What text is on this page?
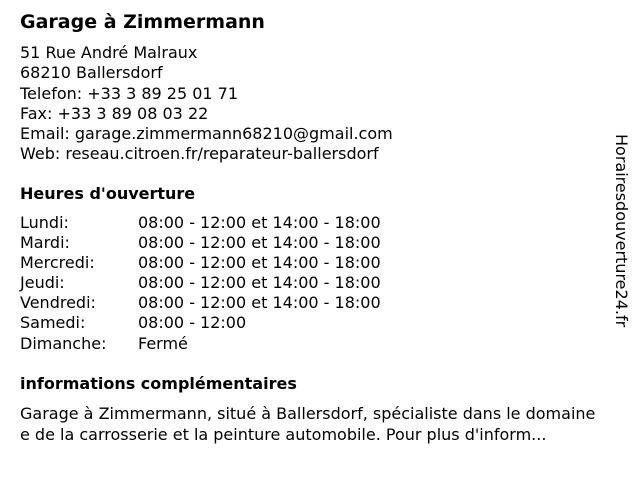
Garage à Zimmermann
51 Rue André Malraux
68210 Ballersdorf
Telefon: +33 3 89 25 01 71
Fax: +33 3 89 08 03 22
Email: garage.zimmermann68210@gmail.com
Web: reseau.citroen.fr/reparateur-ballersdorf
Heures d'ouverture
Lundi:	08:00 - 12:00 et 14:00 - 18:00
Mardi:	08:00 - 12:00 et 14:00 - 18:00
Mercredi:	08:00 - 12:00 et 14:00 - 18:00
Jeudi:	08:00 - 12:00 et 14:00 - 18:00
Vendredi:	08:00 - 12:00 et 14:00 - 18:00
Samedi:	08:00 - 12:00
Dimanche:	Fermé
informations complémentaires
Garage à Zimmermann, situé à Ballersdorf, spécialiste dans le domaine
e de la carrosserie et la peinture automobile. Pour plus d'inform...
Horairesdouverture24.fr
